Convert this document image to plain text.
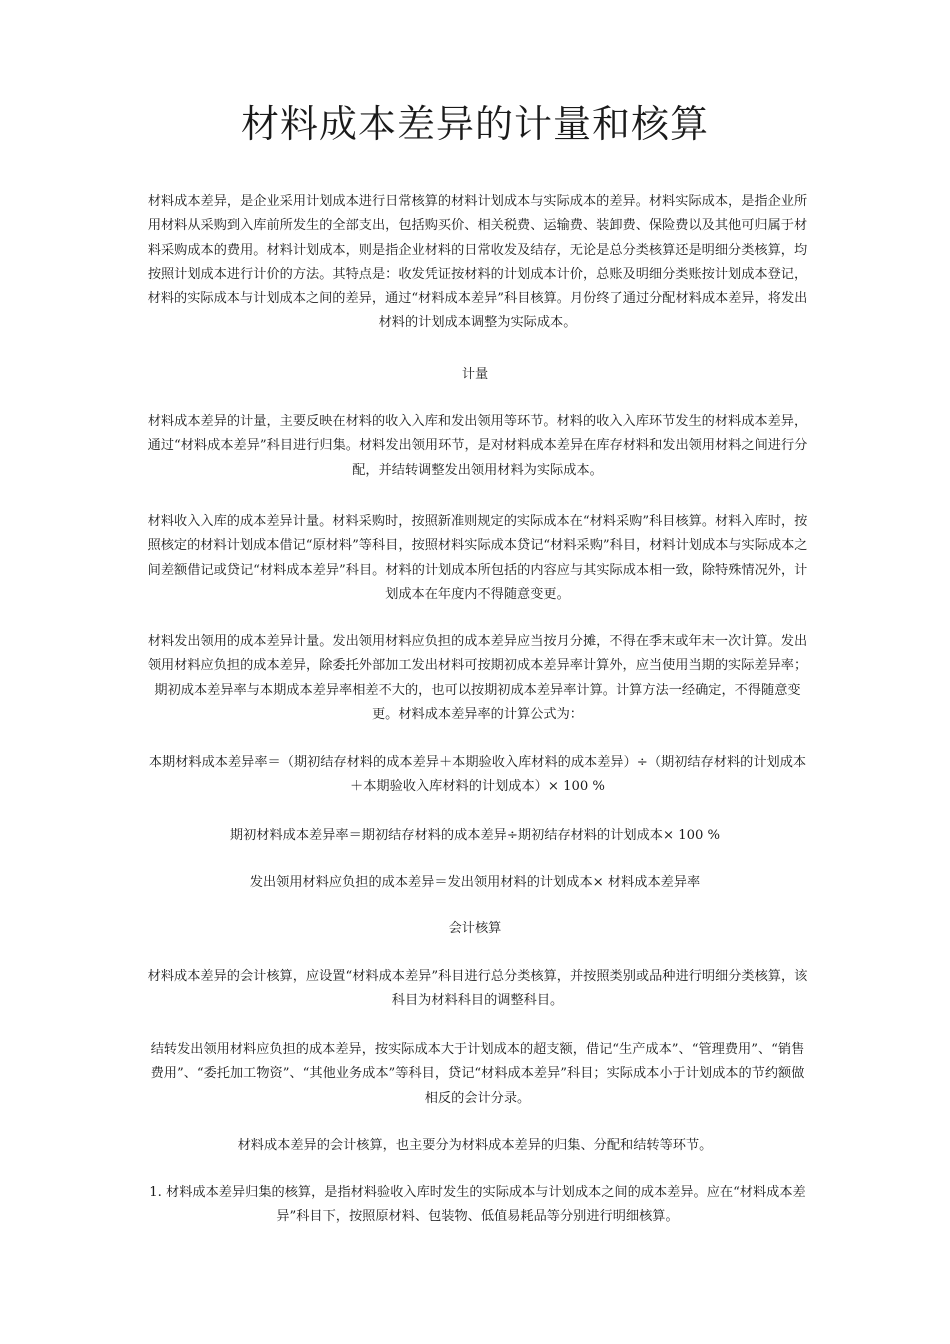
材料成本差异的计量和核算

材料成本差异，是企业采用计划成本进行日常核算的材料计划成本与实际成本的差异。材料实际成本，是指企业所用材料从采购到入库前所发生的全部支出，包括购买价、相关税费、运输费、装卸费、保险费以及其他可归属于材料采购成本的费用。材料计划成本，则是指企业材料的日常收发及结存，无论是总分类核算还是明细分类核算，均按照计划成本进行计价的方法。其特点是：收发凭证按材料的计划成本计价，总账及明细分类账按计划成本登记，材料的实际成本与计划成本之间的差异，通过“材料成本差异”科目核算。月份终了通过分配材料成本差异，将发出材料的计划成本调整为实际成本。

计量

材料成本差异的计量，主要反映在材料的收入入库和发出领用等环节。材料的收入入库环节发生的材料成本差异，通过“材料成本差异”科目进行归集。材料发出领用环节，是对材料成本差异在库存材料和发出领用材料之间进行分配，并结转调整发出领用材料为实际成本。

材料收入入库的成本差异计量。材料采购时，按照新准则规定的实际成本在“材料采购”科目核算。材料入库时，按照核定的材料计划成本借记“原材料”等科目，按照材料实际成本贷记“材料采购”科目，材料计划成本与实际成本之间差额借记或贷记“材料成本差异”科目。材料的计划成本所包括的内容应与其实际成本相一致，除特殊情况外，计划成本在年度内不得随意变更。

材料发出领用的成本差异计量。发出领用材料应负担的成本差异应当按月分摊，不得在季末或年末一次计算。发出领用材料应负担的成本差异，除委托外部加工发出材料可按期初成本差异率计算外，应当使用当期的实际差异率；期初成本差异率与本期成本差异率相差不大的，也可以按期初成本差异率计算。计算方法一经确定，不得随意变更。材料成本差异率的计算公式为：

本期材料成本差异率＝（期初结存材料的成本差异＋本期验收入库材料的成本差异）÷（期初结存材料的计划成本＋本期验收入库材料的计划成本）× 100 %

期初材料成本差异率＝期初结存材料的成本差异÷期初结存材料的计划成本× 100 %

发出领用材料应负担的成本差异＝发出领用材料的计划成本× 材料成本差异率

会计核算

材料成本差异的会计核算，应设置“材料成本差异”科目进行总分类核算，并按照类别或品种进行明细分类核算，该科目为材料科目的调整科目。

结转发出领用材料应负担的成本差异，按实际成本大于计划成本的超支额，借记“生产成本”、“管理费用”、“销售费用”、“委托加工物资”、“其他业务成本”等科目，贷记“材料成本差异”科目；实际成本小于计划成本的节约额做相反的会计分录。

材料成本差异的会计核算，也主要分为材料成本差异的归集、分配和结转等环节。

1. 材料成本差异归集的核算，是指材料验收入库时发生的实际成本与计划成本之间的成本差异。应在“材料成本差异”科目下，按照原材料、包装物、低值易耗品等分别进行明细核算。
